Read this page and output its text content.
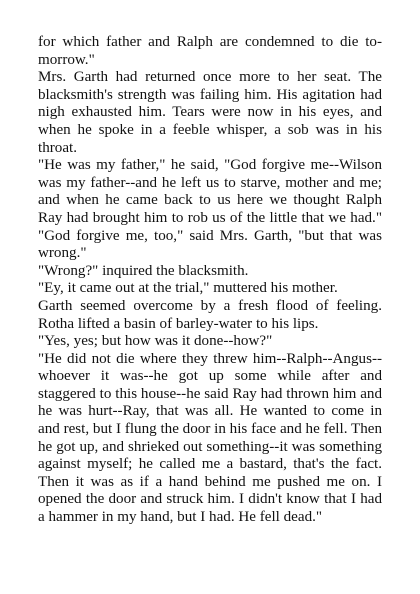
for which father and Ralph are condemned to die to-morrow."

Mrs. Garth had returned once more to her seat. The blacksmith's strength was failing him. His agitation had nigh exhausted him. Tears were now in his eyes, and when he spoke in a feeble whisper, a sob was in his throat.

"He was my father," he said, "God forgive me--Wilson was my father--and he left us to starve, mother and me; and when he came back to us here we thought Ralph Ray had brought him to rob us of the little that we had." "God forgive me, too," said Mrs. Garth, "but that was wrong."

"Wrong?" inquired the blacksmith.

"Ey, it came out at the trial," muttered his mother.

Garth seemed overcome by a fresh flood of feeling. Rotha lifted a basin of barley-water to his lips.

"Yes, yes; but how was it done--how?"

"He did not die where they threw him--Ralph--Angus--whoever it was--he got up some while after and staggered to this house--he said Ray had thrown him and he was hurt--Ray, that was all. He wanted to come in and rest, but I flung the door in his face and he fell. Then he got up, and shrieked out something--it was something against myself; he called me a bastard, that's the fact. Then it was as if a hand behind me pushed me on. I opened the door and struck him. I didn't know that I had a hammer in my hand, but I had. He fell dead."
